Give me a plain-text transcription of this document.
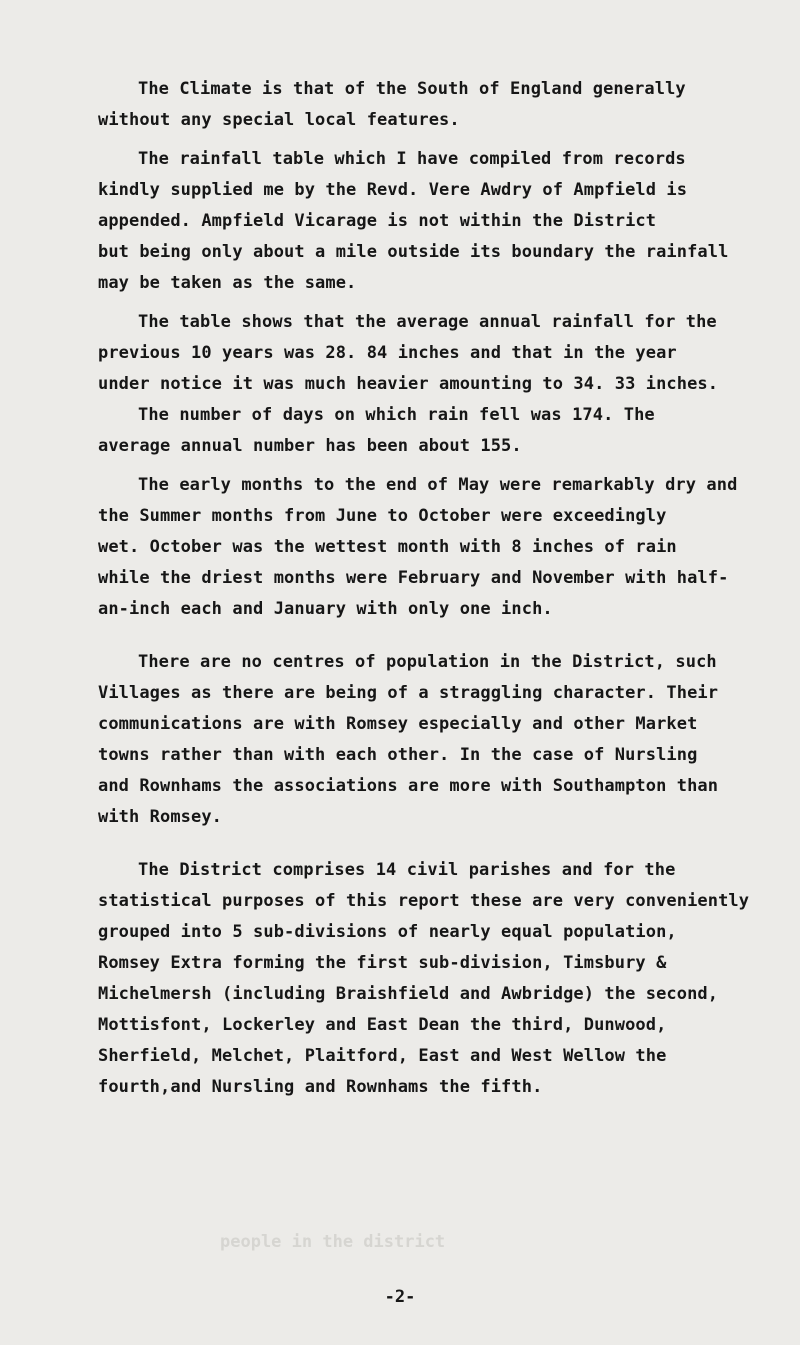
The Climate is that of the South of England generally
without any special local features.
The rainfall table which I have compiled from records
kindly supplied me by the Revd. Vere Awdry of Ampfield is
appended. Ampfield Vicarage is not within the District
but being only about a mile outside its boundary the rainfall
may be taken as the same.
The table shows that the average annual rainfall for the
previous 10 years was 28. 84 inches and that in the year
under notice it was much heavier amounting to 34. 33 inches.
The number of days on which rain fell was 174. The
average annual number has been about 155.
The early months to the end of May were remarkably dry and
the Summer months from June to October were exceedingly
wet. October was the wettest month with 8 inches of rain
while the driest months were February and November with half-
an-inch each and January with only one inch.
There are no centres of population in the District, such
Villages as there are being of a straggling character. Their
communications are with Romsey especially and other Market
towns rather than with each other. In the case of Nursling
and Rownhams the associations are more with Southampton than
with Romsey.
The District comprises 14 civil parishes and for the
statistical purposes of this report these are very conveniently
grouped into 5 sub-divisions of nearly equal population,
Romsey Extra forming the first sub-division, Timsbury &
Michelmersh (including Braishfield and Awbridge) the second,
Mottisfont, Lockerley and East Dean the third, Dunwood,
Sherfield, Melchet, Plaitford, East and West Wellow the
fourth,and Nursling and Rownhams the fifth.
people in the district
-2-
